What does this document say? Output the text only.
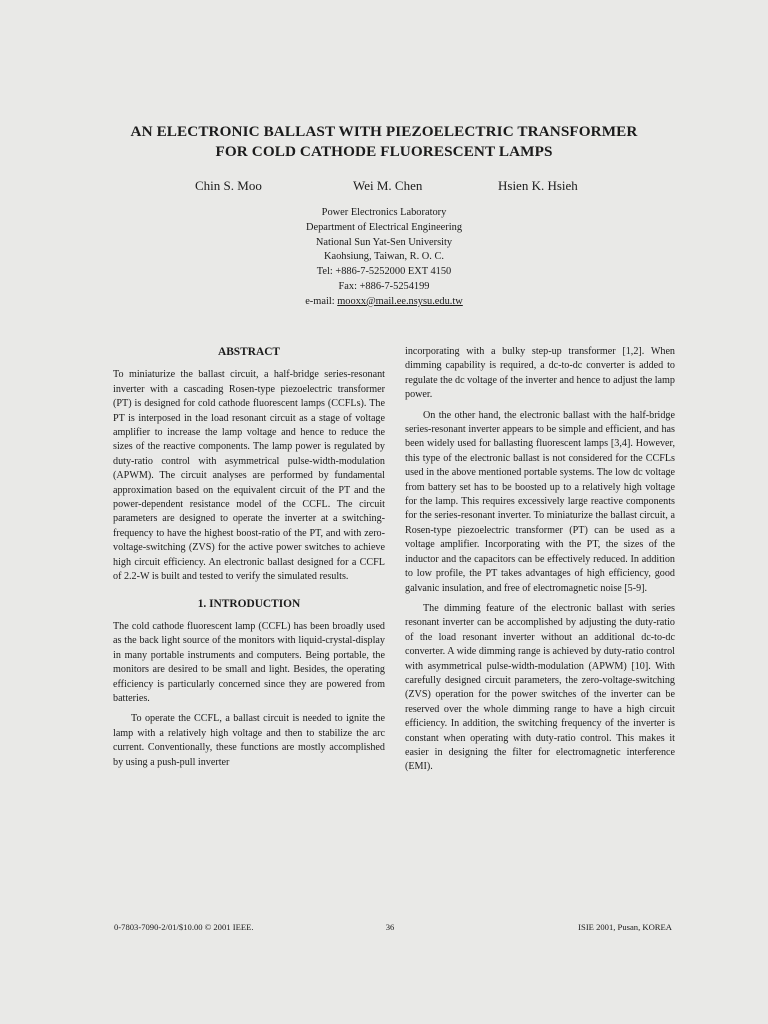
AN ELECTRONIC BALLAST WITH PIEZOELECTRIC TRANSFORMER
FOR COLD CATHODE FLUORESCENT LAMPS
Chin S. Moo	Wei M. Chen	Hsien K. Hsieh
Power Electronics Laboratory
Department of Electrical Engineering
National Sun Yat-Sen University
Kaohsiung, Taiwan, R. O. C.
Tel: +886-7-5252000 EXT 4150
Fax: +886-7-5254199
e-mail: mooxx@mail.ee.nsysu.edu.tw
ABSTRACT

To miniaturize the ballast circuit, a half-bridge series-resonant inverter with a cascading Rosen-type piezoelectric transformer (PT) is designed for cold cathode fluorescent lamps (CCFLs). The PT is interposed in the load resonant circuit as a stage of voltage amplifier to increase the lamp voltage and hence to reduce the sizes of the reactive components. The lamp power is regulated by duty-ratio control with asymmetrical pulse-width-modulation (APWM). The circuit analyses are performed by fundamental approximation based on the equivalent circuit of the PT and the power-dependent resistance model of the CCFL. The circuit parameters are designed to operate the inverter at a switching-frequency to have the highest boost-ratio of the PT, and with zero-voltage-switching (ZVS) for the active power switches to achieve high circuit efficiency. An electronic ballast designed for a CCFL of 2.2-W is built and tested to verify the simulated results.

1. INTRODUCTION

The cold cathode fluorescent lamp (CCFL) has been broadly used as the back light source of the monitors with liquid-crystal-display in many portable instruments and computers. Being portable, the monitors are desired to be small and light. Besides, the operating efficiency is particularly concerned since they are powered from batteries.

To operate the CCFL, a ballast circuit is needed to ignite the lamp with a relatively high voltage and then to stabilize the arc current. Conventionally, these functions are mostly accomplished by using a push-pull inverter

incorporating with a bulky step-up transformer [1,2]. When dimming capability is required, a dc-to-dc converter is added to regulate the dc voltage of the inverter and hence to adjust the lamp power.

On the other hand, the electronic ballast with the half-bridge series-resonant inverter appears to be simple and efficient, and has been widely used for ballasting fluorescent lamps [3,4]. However, this type of the electronic ballast is not considered for the CCFLs used in the above mentioned portable systems. The low dc voltage from battery set has to be boosted up to a relatively high voltage for the lamp. This requires excessively large reactive components for the series-resonant inverter. To miniaturize the ballast circuit, a Rosen-type piezoelectric transformer (PT) can be used as a voltage amplifier. Incorporating with the PT, the sizes of the inductor and the capacitors can be effectively reduced. In addition to low profile, the PT takes advantages of high efficiency, good galvanic insulation, and free of electromagnetic noise [5-9].

The dimming feature of the electronic ballast with series resonant inverter can be accomplished by adjusting the duty-ratio of the load resonant inverter without an additional dc-to-dc converter. A wide dimming range is achieved by duty-ratio control with asymmetrical pulse-width-modulation (APWM) [10]. With carefully designed circuit parameters, the zero-voltage-switching (ZVS) operation for the power switches of the inverter can be reserved over the whole dimming range to have a high circuit efficiency. In addition, the switching frequency of the inverter is constant when operating with duty-ratio control. This makes it easier in designing the filter for electromagnetic interference (EMI).

0-7803-7090-2/01/$10.00 © 2001 IEEE.	36	ISIE 2001, Pusan, KOREA
